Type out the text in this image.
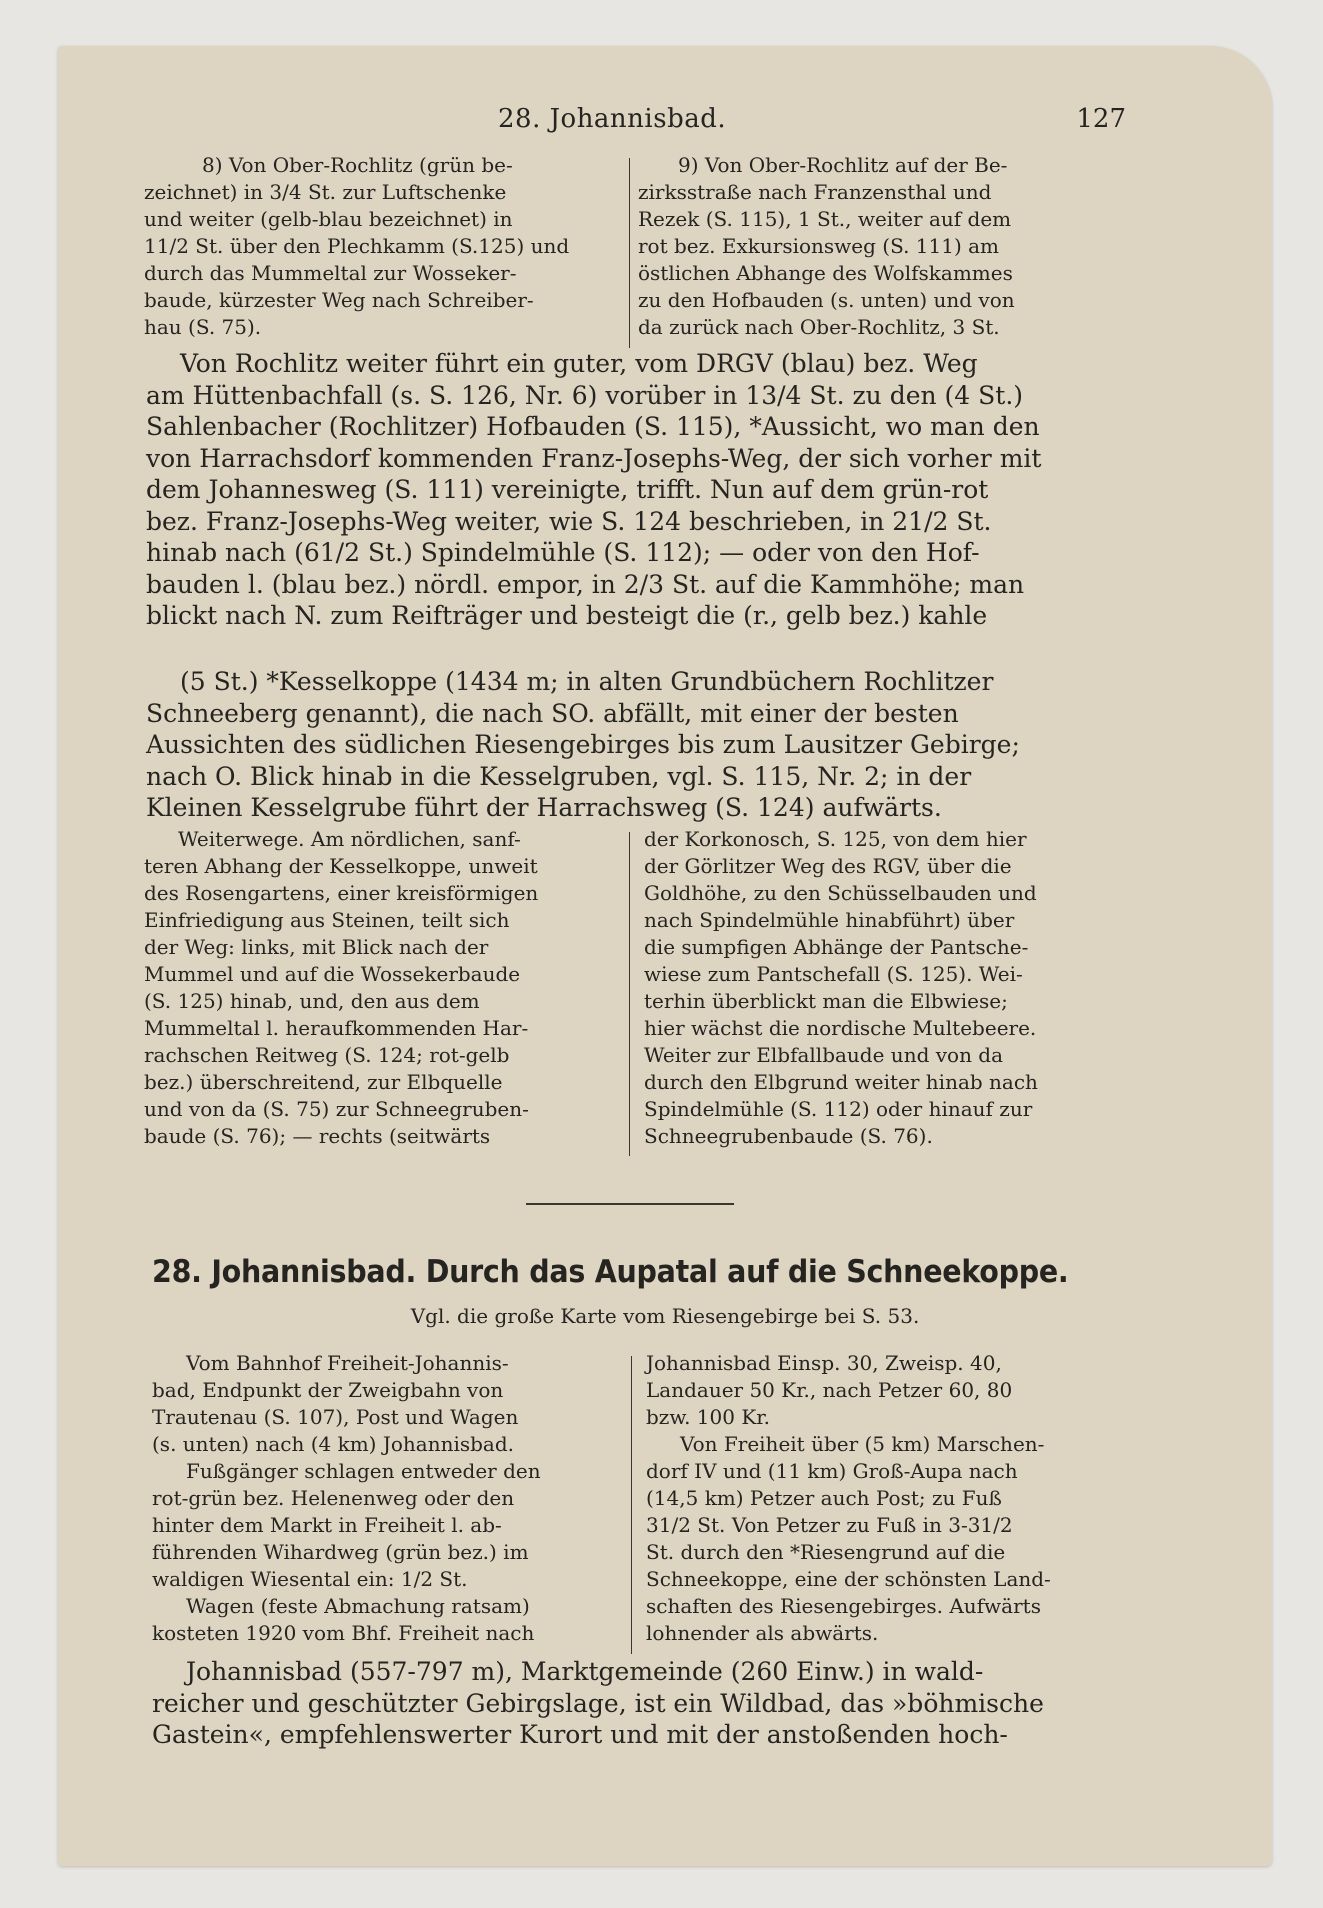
28. Johannisbad.	127
8) Von Ober-Rochlitz (grün be-
zeichnet) in 3/4 St. zur Luftschenke
und weiter (gelb-blau bezeichnet) in
11/2 St. über den Plechkamm (S.125) und
durch das Mummeltal zur Wosseker-
baude, kürzester Weg nach Schreiber-
hau (S. 75).
9) Von Ober-Rochlitz auf der Be-
zirksstraße nach Franzensthal und
Rezek (S. 115), 1 St., weiter auf dem
rot bez. Exkursionsweg (S. 111) am
östlichen Abhange des Wolfskammes
zu den Hofbauden (s. unten) und von
da zurück nach Ober-Rochlitz, 3 St.
Von Rochlitz weiter führt ein guter, vom DRGV (blau) bez. Weg
am Hüttenbachfall (s. S. 126, Nr. 6) vorüber in 13/4 St. zu den (4 St.)
Sahlenbacher (Rochlitzer) Hofbauden (S. 115), *Aussicht, wo man den
von Harrachsdorf kommenden Franz-Josephs-Weg, der sich vorher mit
dem Johannesweg (S. 111) vereinigte, trifft. Nun auf dem grün-rot
bez. Franz-Josephs-Weg weiter, wie S. 124 beschrieben, in 21/2 St.
hinab nach (61/2 St.) Spindelmühle (S. 112); — oder von den Hof-
bauden l. (blau bez.) nördl. empor, in 2/3 St. auf die Kammhöhe; man
blickt nach N. zum Reifträger und besteigt die (r., gelb bez.) kahle
(5 St.) *Kesselkoppe (1434 m; in alten Grundbüchern Rochlitzer
Schneeberg genannt), die nach SO. abfällt, mit einer der besten
Aussichten des südlichen Riesengebirges bis zum Lausitzer Gebirge;
nach O. Blick hinab in die Kesselgruben, vgl. S. 115, Nr. 2; in der
Kleinen Kesselgrube führt der Harrachsweg (S. 124) aufwärts.
Weiterwege. Am nördlichen, sanf-
teren Abhang der Kesselkoppe, unweit
des Rosengartens, einer kreisförmigen
Einfriedigung aus Steinen, teilt sich
der Weg: links, mit Blick nach der
Mummel und auf die Wossekerbaude
(S. 125) hinab, und, den aus dem
Mummeltal l. heraufkommenden Har-
rachschen Reitweg (S. 124; rot-gelb
bez.) überschreitend, zur Elbquelle
und von da (S. 75) zur Schneegruben-
baude (S. 76); — rechts (seitwärts
der Korkonosch, S. 125, von dem hier
der Görlitzer Weg des RGV, über die
Goldhöhe, zu den Schüsselbauden und
nach Spindelmühle hinabführt) über
die sumpfigen Abhänge der Pantsche-
wiese zum Pantschefall (S. 125). Wei-
terhin überblickt man die Elbwiese;
hier wächst die nordische Multebeere.
Weiter zur Elbfallbaude und von da
durch den Elbgrund weiter hinab nach
Spindelmühle (S. 112) oder hinauf zur
Schneegrubenbaude (S. 76).
28. Johannisbad. Durch das Aupatal auf die Schneekoppe.
Vgl. die große Karte vom Riesengebirge bei S. 53.
Vom Bahnhof Freiheit-Johannis-
bad, Endpunkt der Zweigbahn von
Trautenau (S. 107), Post und Wagen
(s. unten) nach (4 km) Johannisbad.
Fußgänger schlagen entweder den
rot-grün bez. Helenenweg oder den
hinter dem Markt in Freiheit l. ab-
führenden Wihardweg (grün bez.) im
waldigen Wiesental ein: 1/2 St.
Wagen (feste Abmachung ratsam)
kosteten 1920 vom Bhf. Freiheit nach
Johannisbad Einsp. 30, Zweisp. 40,
Landauer 50 Kr., nach Petzer 60, 80
bzw. 100 Kr.
Von Freiheit über (5 km) Marschen-
dorf IV und (11 km) Groß-Aupa nach
(14,5 km) Petzer auch Post; zu Fuß
31/2 St. Von Petzer zu Fuß in 3-31/2
St. durch den *Riesengrund auf die
Schneekoppe, eine der schönsten Land-
schaften des Riesengebirges. Aufwärts
lohnender als abwärts.
Johannisbad (557-797 m), Marktgemeinde (260 Einw.) in wald-
reicher und geschützter Gebirgslage, ist ein Wildbad, das »böhmische
Gastein«, empfehlenswerter Kurort und mit der anstoßenden hoch-
